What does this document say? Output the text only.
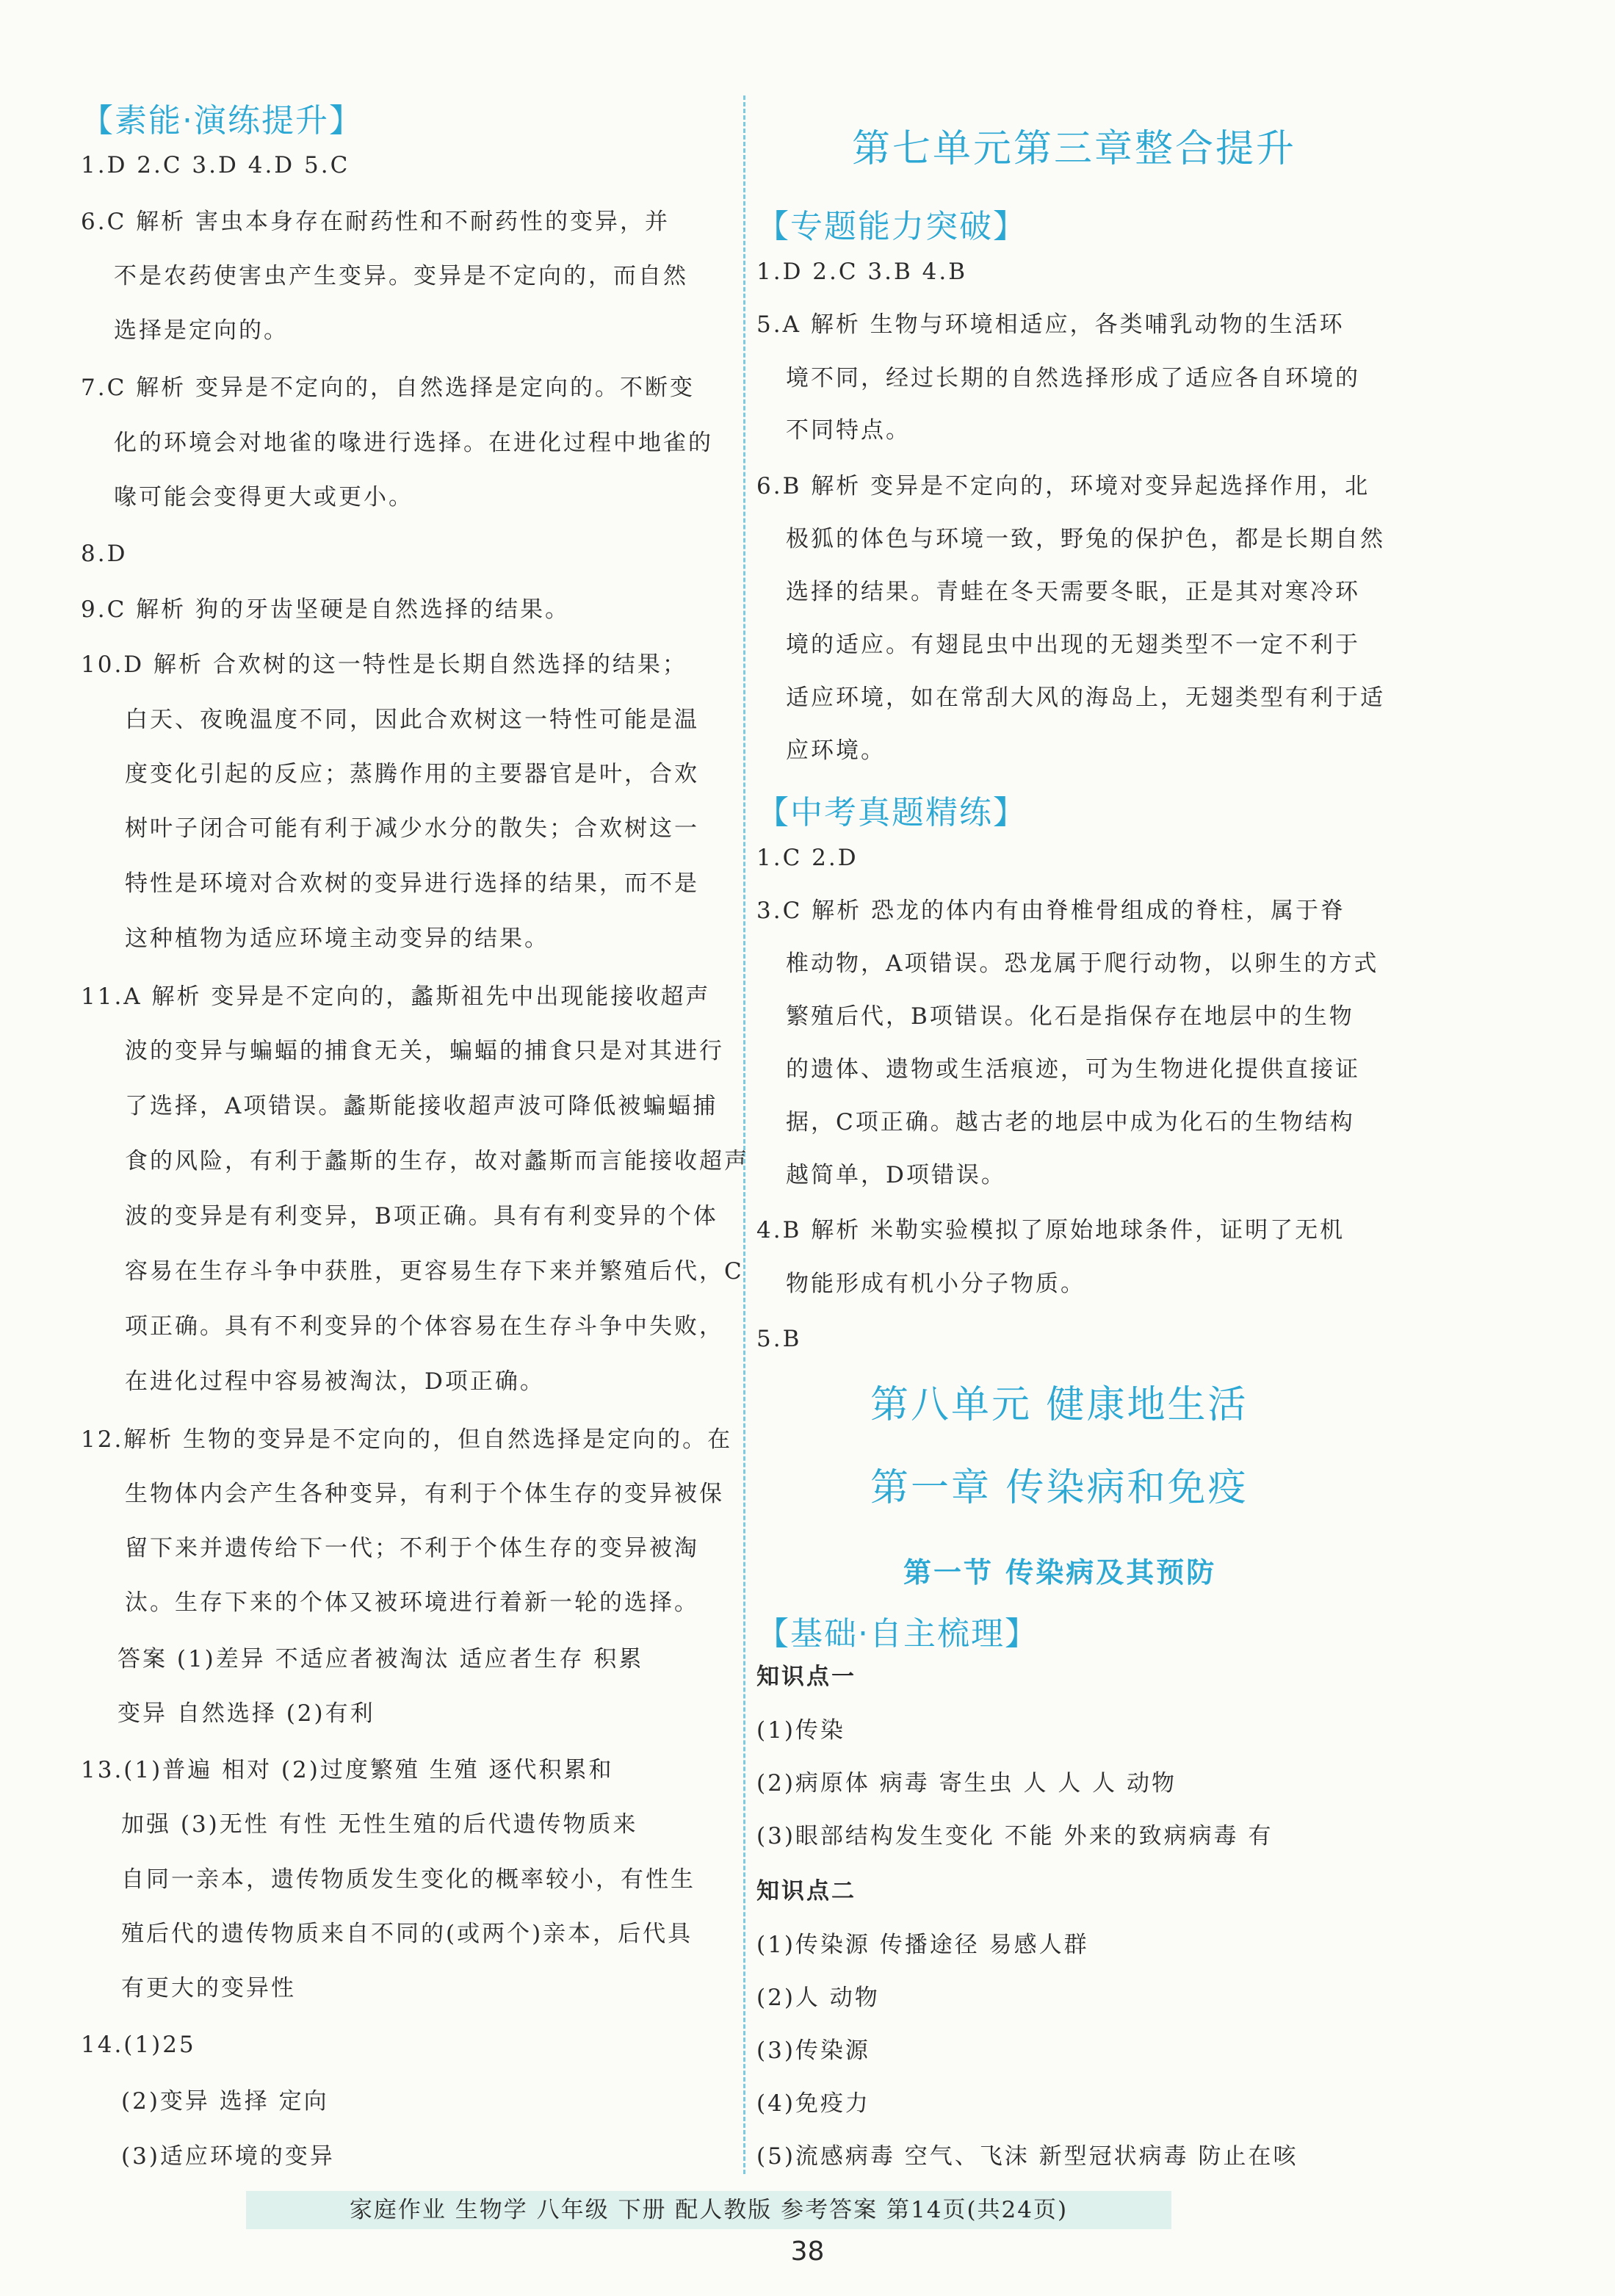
【素能·演练提升】
1.D 2.C 3.D 4.D 5.C
6.C 解析 害虫本身存在耐药性和不耐药性的变异，并
不是农药使害虫产生变异。变异是不定向的，而自然
选择是定向的。
7.C 解析 变异是不定向的，自然选择是定向的。不断变
化的环境会对地雀的喙进行选择。在进化过程中地雀的
喙可能会变得更大或更小。
8.D
9.C 解析 狗的牙齿坚硬是自然选择的结果。
10.D 解析 合欢树的这一特性是长期自然选择的结果；
白天、夜晚温度不同，因此合欢树这一特性可能是温
度变化引起的反应；蒸腾作用的主要器官是叶，合欢
树叶子闭合可能有利于减少水分的散失；合欢树这一
特性是环境对合欢树的变异进行选择的结果，而不是
这种植物为适应环境主动变异的结果。
11.A 解析 变异是不定向的，蠡斯祖先中出现能接收超声
波的变异与蝙蝠的捕食无关，蝙蝠的捕食只是对其进行
了选择，A项错误。蠡斯能接收超声波可降低被蝙蝠捕
食的风险，有利于蠡斯的生存，故对蠡斯而言能接收超声
波的变异是有利变异，B项正确。具有有利变异的个体
容易在生存斗争中获胜，更容易生存下来并繁殖后代，C
项正确。具有不利变异的个体容易在生存斗争中失败，
在进化过程中容易被淘汰，D项正确。
12.解析 生物的变异是不定向的，但自然选择是定向的。在
生物体内会产生各种变异，有利于个体生存的变异被保
留下来并遗传给下一代；不利于个体生存的变异被淘
汰。生存下来的个体又被环境进行着新一轮的选择。
答案 (1)差异 不适应者被淘汰 适应者生存 积累
变异 自然选择 (2)有利
13.(1)普遍 相对 (2)过度繁殖 生殖 逐代积累和
加强 (3)无性 有性 无性生殖的后代遗传物质来
自同一亲本，遗传物质发生变化的概率较小，有性生
殖后代的遗传物质来自不同的(或两个)亲本，后代具
有更大的变异性
14.(1)25
(2)变异 选择 定向
(3)适应环境的变异
第七单元第三章整合提升
【专题能力突破】
1.D 2.C 3.B 4.B
5.A 解析 生物与环境相适应，各类哺乳动物的生活环
境不同，经过长期的自然选择形成了适应各自环境的
不同特点。
6.B 解析 变异是不定向的，环境对变异起选择作用，北
极狐的体色与环境一致，野兔的保护色，都是长期自然
选择的结果。青蛙在冬天需要冬眠，正是其对寒冷环
境的适应。有翅昆虫中出现的无翅类型不一定不利于
适应环境，如在常刮大风的海岛上，无翅类型有利于适
应环境。
【中考真题精练】
1.C 2.D
3.C 解析 恐龙的体内有由脊椎骨组成的脊柱，属于脊
椎动物，A项错误。恐龙属于爬行动物，以卵生的方式
繁殖后代，B项错误。化石是指保存在地层中的生物
的遗体、遗物或生活痕迹，可为生物进化提供直接证
据，C项正确。越古老的地层中成为化石的生物结构
越简单，D项错误。
4.B 解析 米勒实验模拟了原始地球条件，证明了无机
物能形成有机小分子物质。
5.B
第八单元 健康地生活
第一章 传染病和免疫
第一节 传染病及其预防
【基础·自主梳理】
知识点一
(1)传染
(2)病原体 病毒 寄生虫 人 人 人 动物
(3)眼部结构发生变化 不能 外来的致病病毒 有
知识点二
(1)传染源 传播途径 易感人群
(2)人 动物
(3)传染源
(4)免疫力
(5)流感病毒 空气、飞沫 新型冠状病毒 防止在咳
家庭作业 生物学 八年级 下册 配人教版 参考答案 第14页(共24页)
38
